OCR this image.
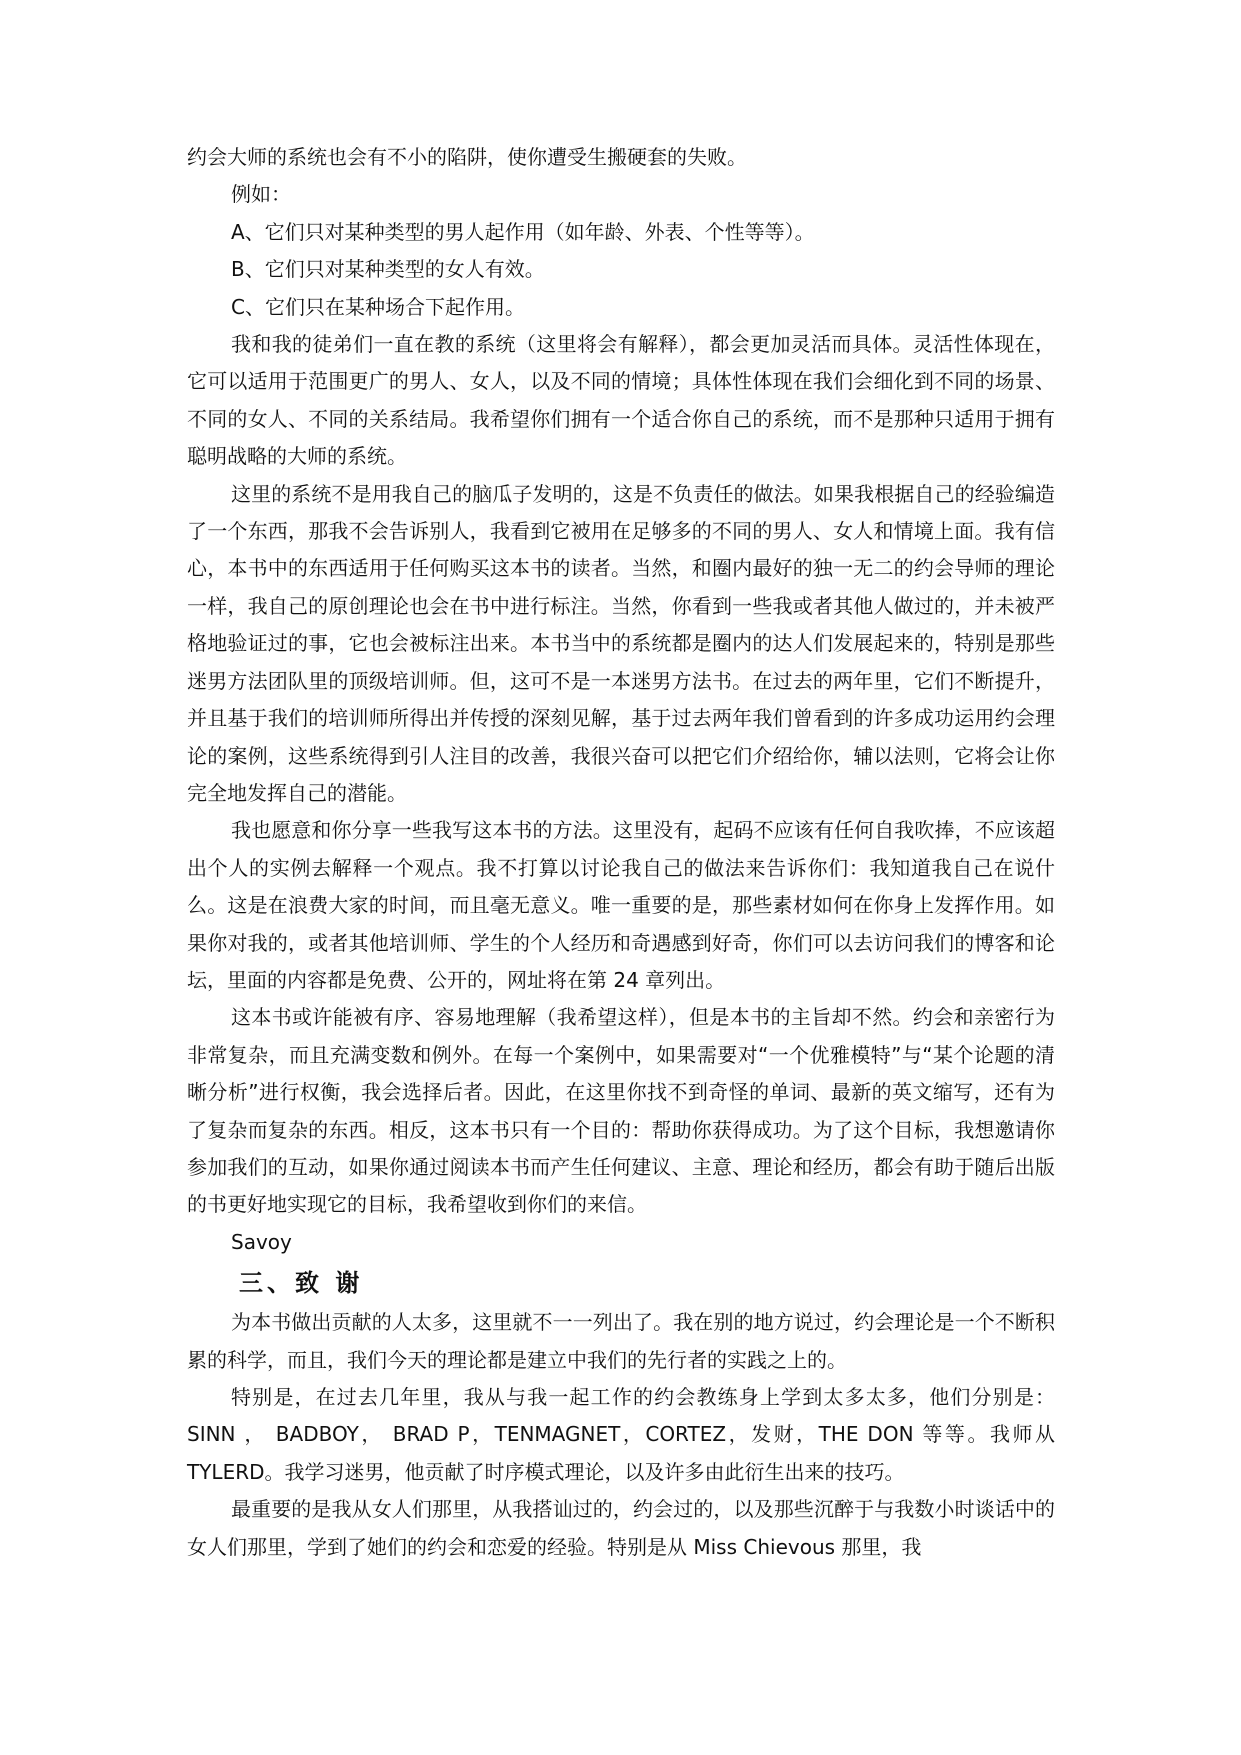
约会大师的系统也会有不小的陷阱，使你遭受生搬硬套的失败。

例如：

A、它们只对某种类型的男人起作用（如年龄、外表、个性等等）。

B、它们只对某种类型的女人有效。

C、它们只在某种场合下起作用。

我和我的徒弟们一直在教的系统（这里将会有解释），都会更加灵活而具体。灵活性体现在，它可以适用于范围更广的男人、女人，以及不同的情境；具体性体现在我们会细化到不同的场景、不同的女人、不同的关系结局。我希望你们拥有一个适合你自己的系统，而不是那种只适用于拥有聪明战略的大师的系统。

这里的系统不是用我自己的脑瓜子发明的，这是不负责任的做法。如果我根据自己的经验编造了一个东西，那我不会告诉别人，我看到它被用在足够多的不同的男人、女人和情境上面。我有信心，本书中的东西适用于任何购买这本书的读者。当然，和圈内最好的独一无二的约会导师的理论一样，我自己的原创理论也会在书中进行标注。当然，你看到一些我或者其他人做过的，并未被严格地验证过的事，它也会被标注出来。本书当中的系统都是圈内的达人们发展起来的，特别是那些迷男方法团队里的顶级培训师。但，这可不是一本迷男方法书。在过去的两年里，它们不断提升，并且基于我们的培训师所得出并传授的深刻见解，基于过去两年我们曾看到的许多成功运用约会理论的案例，这些系统得到引人注目的改善，我很兴奋可以把它们介绍给你，辅以法则，它将会让你完全地发挥自己的潜能。

我也愿意和你分享一些我写这本书的方法。这里没有，起码不应该有任何自我吹捧，不应该超出个人的实例去解释一个观点。我不打算以讨论我自己的做法来告诉你们：我知道我自己在说什么。这是在浪费大家的时间，而且毫无意义。唯一重要的是，那些素材如何在你身上发挥作用。如果你对我的，或者其他培训师、学生的个人经历和奇遇感到好奇，你们可以去访问我们的博客和论坛，里面的内容都是免费、公开的，网址将在第 24 章列出。

这本书或许能被有序、容易地理解（我希望这样），但是本书的主旨却不然。约会和亲密行为非常复杂，而且充满变数和例外。在每一个案例中，如果需要对“一个优雅模特”与“某个论题的清晰分析”进行权衡，我会选择后者。因此，在这里你找不到奇怪的单词、最新的英文缩写，还有为了复杂而复杂的东西。相反，这本书只有一个目的：帮助你获得成功。为了这个目标，我想邀请你参加我们的互动，如果你通过阅读本书而产生任何建议、主意、理论和经历，都会有助于随后出版的书更好地实现它的目标，我希望收到你们的来信。

Savoy

三、致 谢

为本书做出贡献的人太多，这里就不一一列出了。我在别的地方说过，约会理论是一个不断积累的科学，而且，我们今天的理论都是建立中我们的先行者的实践之上的。

特别是，在过去几年里，我从与我一起工作的约会教练身上学到太多太多，他们分别是：SINN ， BADBOY， BRAD P，TENMAGNET，CORTEZ，发财，THE DON 等等。我师从 TYLERD。我学习迷男，他贡献了时序模式理论，以及许多由此衍生出来的技巧。

最重要的是我从女人们那里，从我搭讪过的，约会过的，以及那些沉醉于与我数小时谈话中的女人们那里，学到了她们的约会和恋爱的经验。特别是从 Miss Chievous 那里，我
